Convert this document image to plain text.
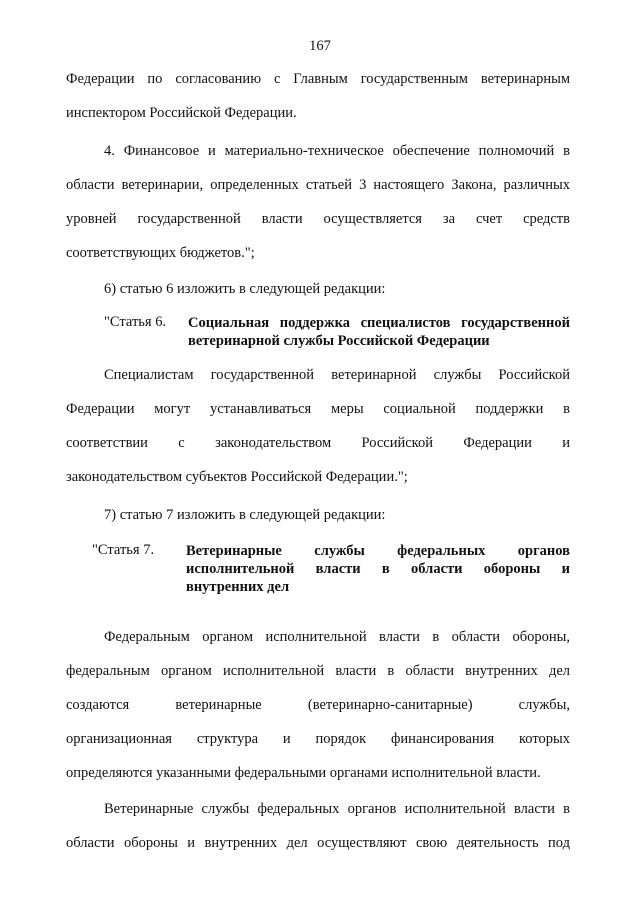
167
Федерации по согласованию с Главным государственным ветеринарным
инспектором Российской Федерации.
4. Финансовое и материально-техническое обеспечение полномочий в
области ветеринарии, определенных статьей 3 настоящего Закона, различных
уровней государственной власти осуществляется за счет средств
соответствующих бюджетов.";
6) статью 6 изложить в следующей редакции:
"Статья 6. Социальная поддержка специалистов государственной
ветеринарной службы Российской Федерации
Специалистам государственной ветеринарной службы Российской
Федерации могут устанавливаться меры социальной поддержки в
соответствии с законодательством Российской Федерации и
законодательством субъектов Российской Федерации.";
7) статью 7 изложить в следующей редакции:
"Статья 7. Ветеринарные службы федеральных органов
исполнительной власти в области обороны и
внутренних дел
Федеральным органом исполнительной власти в области обороны,
федеральным органом исполнительной власти в области внутренних дел
создаются ветеринарные (ветеринарно-санитарные) службы,
организационная структура и порядок финансирования которых
определяются указанными федеральными органами исполнительной власти.
Ветеринарные службы федеральных органов исполнительной власти в
области обороны и внутренних дел осуществляют свою деятельность под
